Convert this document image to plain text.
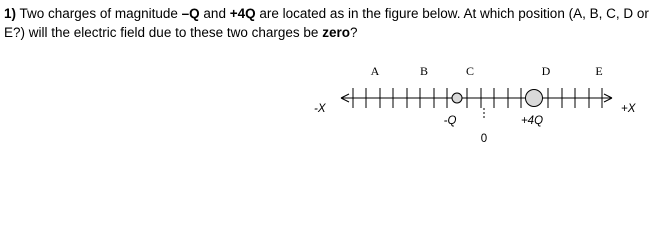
1) Two charges of magnitude –Q and +4Q are located as in the figure below. At which position (A, B, C, D or E?) will the electric field due to these two charges be zero?
A	B	C	D	E
-X	+X
-Q	+4Q
0
